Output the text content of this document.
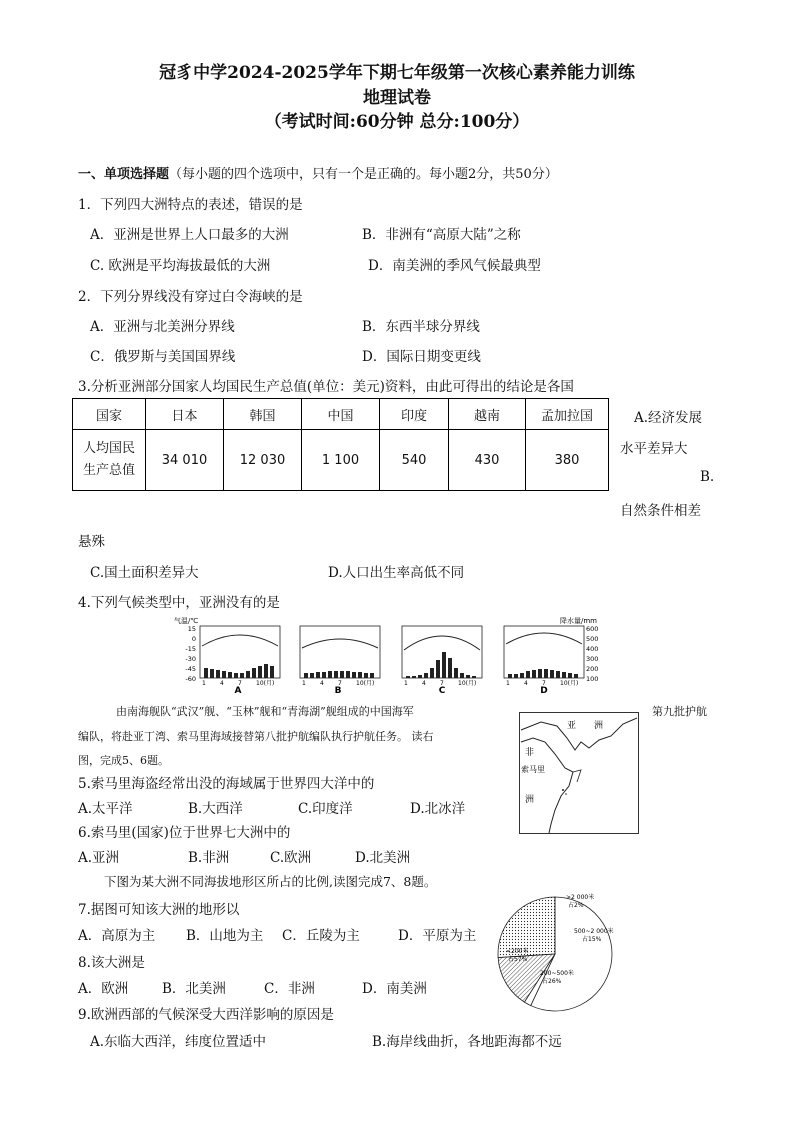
冠豸中学2024-2025学年下期七年级第一次核心素养能力训练
地理试卷
（考试时间:60分钟 总分:100分）
一、单项选择题（每小题的四个选项中，只有一个是正确的。每小题2分，共50分）
1．下列四大洲特点的表述，错误的是
A．亚洲是世界上人口最多的大洲	B．非洲有“高原大陆”之称
C. 欧洲是平均海拔最低的大洲	D．南美洲的季风气候最典型
2．下列分界线没有穿过白令海峡的是
A．亚洲与北美洲分界线	B．东西半球分界线
C．俄罗斯与美国国界线	D．国际日期变更线
3.分析亚洲部分国家人均国民生产总值(单位：美元)资料，由此可得出的结论是各国
国家	日本	韩国	中国	印度	越南	孟加拉国
人均国民
生产总值	34 010	12 030	1 100	540	430	380
A.经济发展
水平差异大
B.
自然条件相差
悬殊
C.国土面积差异大	D.人口出生率高低不同
4.下列气候类型中，亚洲没有的是
气温/℃	降水量/mm
15
0
-15
-30
-45
-60
600
500
400
300
200
100
1 4 7 10(月)	1 4 7 10(月)	1 4 7 10(月)	1 4 7 10(月)
A	B	C	D
由南海舰队“武汉”舰、“玉林”舰和“青海湖”舰组成的中国海军	第九批护航
编队，将赴亚丁湾、索马里海域接替第八批护航编队执行护航任务。 读右
图，完成5、6题。
亚　　洲
非
索马里
洲
5.索马里海盗经常出没的海域属于世界四大洋中的
A.太平洋	B.大西洋	C.印度洋	D.北冰洋
6.索马里(国家)位于世界七大洲中的
A.亚洲	B.非洲	C.欧洲	D.北美洲
下图为某大洲不同海拔地形区所占的比例,读图完成7、8题。
7.据图可知该大洲的地形以
A．高原为主 B．山地为主 C．丘陵为主	D．平原为主
8.该大洲是
A．欧洲	B．北美洲	C．非洲	D．南美洲
>2 000米
占2%
500~2 000米
占15%
200~500米
占26%
<200米
占57%
9.欧洲西部的气候深受大西洋影响的原因是
A.东临大西洋，纬度位置适中	B.海岸线曲折，各地距海都不远
